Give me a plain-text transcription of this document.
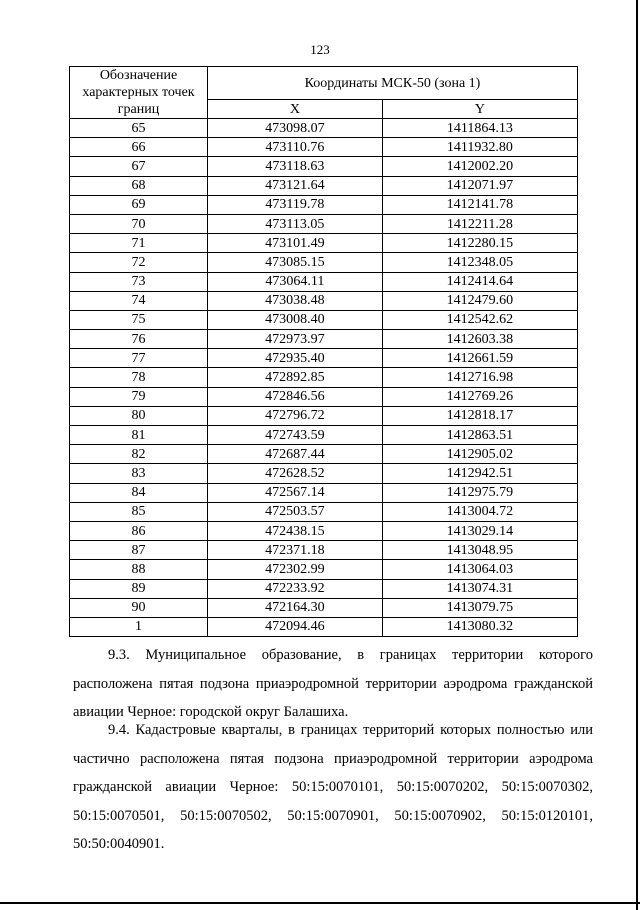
123
Обозначение характерных точек границ	Координаты МСК-50 (зона 1)	
	X	Y
65	473098.07	1411864.13
66	473110.76	1411932.80
67	473118.63	1412002.20
68	473121.64	1412071.97
69	473119.78	1412141.78
70	473113.05	1412211.28
71	473101.49	1412280.15
72	473085.15	1412348.05
73	473064.11	1412414.64
74	473038.48	1412479.60
75	473008.40	1412542.62
76	472973.97	1412603.38
77	472935.40	1412661.59
78	472892.85	1412716.98
79	472846.56	1412769.26
80	472796.72	1412818.17
81	472743.59	1412863.51
82	472687.44	1412905.02
83	472628.52	1412942.51
84	472567.14	1412975.79
85	472503.57	1413004.72
86	472438.15	1413029.14
87	472371.18	1413048.95
88	472302.99	1413064.03
89	472233.92	1413074.31
90	472164.30	1413079.75
1	472094.46	1413080.32
9.3. Муниципальное образование, в границах территории которого расположена пятая подзона приаэродромной территории аэродрома гражданской авиации Черное: городской округ Балашиха.
9.4. Кадастровые кварталы, в границах территорий которых полностью или частично расположена пятая подзона приаэродромной территории аэродрома гражданской авиации Черное: 50:15:0070101, 50:15:0070202, 50:15:0070302, 50:15:0070501, 50:15:0070502, 50:15:0070901, 50:15:0070902, 50:15:0120101, 50:50:0040901.
